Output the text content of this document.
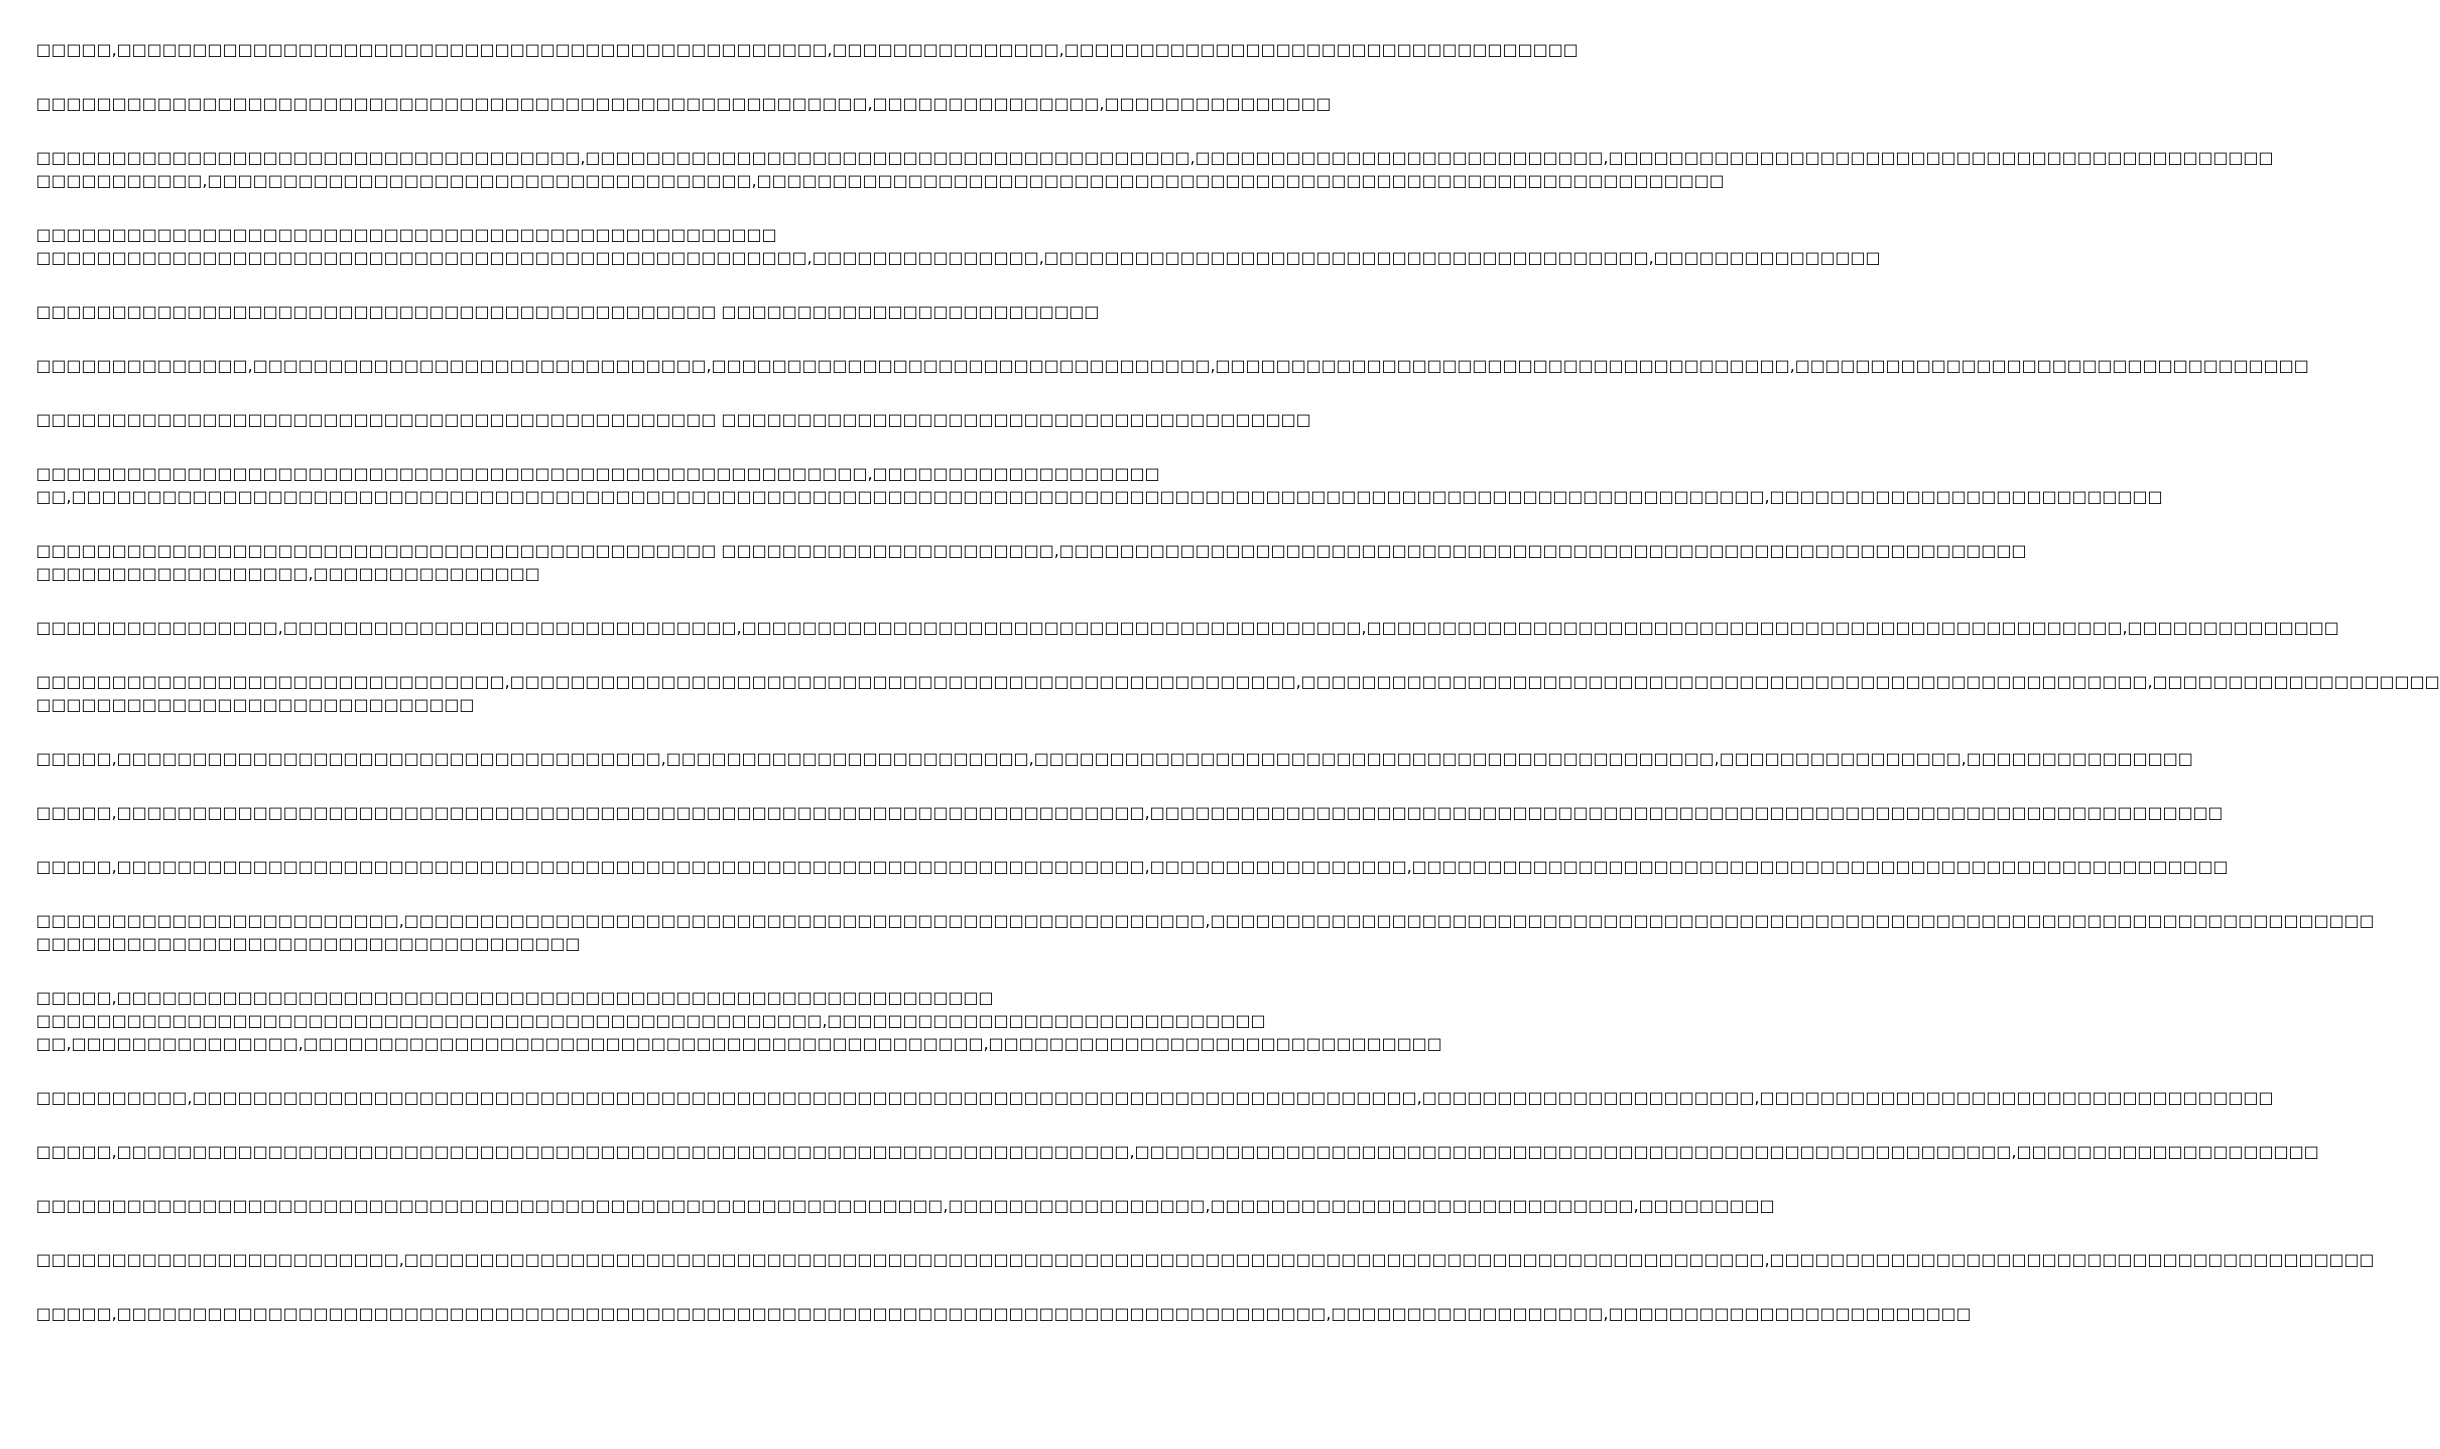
□□□□□,□□□□□□□□□□□□□□□□□□□□□□□□□□□□□□□□□□□□□□□□□□□□□□□,□□□□□□□□□□□□□□□,□□□□□□□□□□□□□□□□□□□□□□□□□□□□□□□□□□

□□□□□□□□□□□□□□□□□□□□□□□□□□□□□□□□□□□□□□□□□□□□□□□□□□□□□□□,□□□□□□□□□□□□□□□,□□□□□□□□□□□□□□□

□□□□□□□□□□□□□□□□□□□□□□□□□□□□□□□□□□□□,□□□□□□□□□□□□□□□□□□□□□□□□□□□□□□□□□□□□□□□□,□□□□□□□□□□□□□□□□□□□□□□□□□□□,□□□□□□□□□□□□□□□□□□□□□□□□□□□□□□□□□□□□□□□□□□□□
□□□□□□□□□□□,□□□□□□□□□□□□□□□□□□□□□□□□□□□□□□□□□□□□,□□□□□□□□□□□□□□□□□□□□□□□□□□□□□□□□□□□□□□□□□□□□□□□□□□□□□□□□□□□□□□□□

□□□□□□□□□□□□□□□□□□□□□□□□□□□□□□□□□□□□□□□□□□□□□□□□□
□□□□□□□□□□□□□□□□□□□□□□□□□□□□□□□□□□□□□□□□□□□□□□□□□□□,□□□□□□□□□□□□□□□,□□□□□□□□□□□□□□□□□□□□□□□□□□□□□□□□□□□□□□□□,□□□□□□□□□□□□□□□

□□□□□□□□□□□□□□□□□□□□□□□□□□□□□□□□□□□□□□□□□□□□□ □□□□□□□□□□□□□□□□□□□□□□□□□

□□□□□□□□□□□□□□,□□□□□□□□□□□□□□□□□□□□□□□□□□□□□□,□□□□□□□□□□□□□□□□□□□□□□□□□□□□□□□□□,□□□□□□□□□□□□□□□□□□□□□□□□□□□□□□□□□□□□□□,□□□□□□□□□□□□□□□□□□□□□□□□□□□□□□□□□□

□□□□□□□□□□□□□□□□□□□□□□□□□□□□□□□□□□□□□□□□□□□□□ □□□□□□□□□□□□□□□□□□□□□□□□□□□□□□□□□□□□□□□

□□□□□□□□□□□□□□□□□□□□□□□□□□□□□□□□□□□□□□□□□□□□□□□□□□□□□□□,□□□□□□□□□□□□□□□□□□□
□□,□□□□□□□□□□□□□□□□□□□□□□□□□□□□□□□□□□□□□□□□□□□□□□□□□□□□□□□□□□□□□□□□□□□□□□□□□□□□□□□□□□□□□□□□□□□□□□□□□□□□□□□□□□□□□□□□,□□□□□□□□□□□□□□□□□□□□□□□□□□

□□□□□□□□□□□□□□□□□□□□□□□□□□□□□□□□□□□□□□□□□□□□□ □□□□□□□□□□□□□□□□□□□□□□,□□□□□□□□□□□□□□□□□□□□□□□□□□□□□□□□□□□□□□□□□□□□□□□□□□□□□□□□□□□□□□□□
□□□□□□□□□□□□□□□□□□,□□□□□□□□□□□□□□□

□□□□□□□□□□□□□□□□,□□□□□□□□□□□□□□□□□□□□□□□□□□□□□□,□□□□□□□□□□□□□□□□□□□□□□□□□□□□□□□□□□□□□□□□□,□□□□□□□□□□□□□□□□□□□□□□□□□□□□□□□□□□□□□□□□□□□□□□□□□□,□□□□□□□□□□□□□□

□□□□□□□□□□□□□□□□□□□□□□□□□□□□□□□,□□□□□□□□□□□□□□□□□□□□□□□□□□□□□□□□□□□□□□□□□□□□□□□□□□□□,□□□□□□□□□□□□□□□□□□□□□□□□□□□□□□□□□□□□□□□□□□□□□□□□□□□□□□□□,□□□□□□□□□□□□□□□□□□□
□□□□□□□□□□□□□□□□□□□□□□□□□□□□□

□□□□□,□□□□□□□□□□□□□□□□□□□□□□□□□□□□□□□□□□□□,□□□□□□□□□□□□□□□□□□□□□□□□,□□□□□□□□□□□□□□□□□□□□□□□□□□□□□□□□□□□□□□□□□□□□□,□□□□□□□□□□□□□□□□,□□□□□□□□□□□□□□□

□□□□□,□□□□□□□□□□□□□□□□□□□□□□□□□□□□□□□□□□□□□□□□□□□□□□□□□□□□□□□□□□□□□□□□□□□□,□□□□□□□□□□□□□□□□□□□□□□□□□□□□□□□□□□□□□□□□□□□□□□□□□□□□□□□□□□□□□□□□□□□□□□□

□□□□□,□□□□□□□□□□□□□□□□□□□□□□□□□□□□□□□□□□□□□□□□□□□□□□□□□□□□□□□□□□□□□□□□□□□□,□□□□□□□□□□□□□□□□□,□□□□□□□□□□□□□□□□□□□□□□□□□□□□□□□□□□□□□□□□□□□□□□□□□□□□□□

□□□□□□□□□□□□□□□□□□□□□□□□,□□□□□□□□□□□□□□□□□□□□□□□□□□□□□□□□□□□□□□□□□□□□□□□□□□□□□,□□□□□□□□□□□□□□□□□□□□□□□□□□□□□□□□□□□□□□□□□□□□□□□□□□□□□□□□□□□□□□□□□□□□□□□□□□□□□
□□□□□□□□□□□□□□□□□□□□□□□□□□□□□□□□□□□□

□□□□□,□□□□□□□□□□□□□□□□□□□□□□□□□□□□□□□□□□□□□□□□□□□□□□□□□□□□□□□□□□
□□□□□□□□□□□□□□□□□□□□□□□□□□□□□□□□□□□□□□□□□□□□□□□□□□□□,□□□□□□□□□□□□□□□□□□□□□□□□□□□□□
□□,□□□□□□□□□□□□□□□,□□□□□□□□□□□□□□□□□□□□□□□□□□□□□□□□□□□□□□□□□□□□□,□□□□□□□□□□□□□□□□□□□□□□□□□□□□□□

□□□□□□□□□□,□□□□□□□□□□□□□□□□□□□□□□□□□□□□□□□□□□□□□□□□□□□□□□□□□□□□□□□□□□□□□□□□□□□□□□□□□□□□□□□□□,□□□□□□□□□□□□□□□□□□□□□□,□□□□□□□□□□□□□□□□□□□□□□□□□□□□□□□□□□

□□□□□,□□□□□□□□□□□□□□□□□□□□□□□□□□□□□□□□□□□□□□□□□□□□□□□□□□□□□□□□□□□□□□□□□□□,□□□□□□□□□□□□□□□□□□□□□□□□□□□□□□□□□□□□□□□□□□□□□□□□□□□□□□□□□□,□□□□□□□□□□□□□□□□□□□□

□□□□□□□□□□□□□□□□□□□□□□□□□□□□□□□□□□□□□□□□□□□□□□□□□□□□□□□□□□□□,□□□□□□□□□□□□□□□□□,□□□□□□□□□□□□□□□□□□□□□□□□□□□□,□□□□□□□□□

□□□□□□□□□□□□□□□□□□□□□□□□,□□□□□□□□□□□□□□□□□□□□□□□□□□□□□□□□□□□□□□□□□□□□□□□□□□□□□□□□□□□□□□□□□□□□□□□□□□□□□□□□□□□□□□□□□□,□□□□□□□□□□□□□□□□□□□□□□□□□□□□□□□□□□□□□□□□

□□□□□,□□□□□□□□□□□□□□□□□□□□□□□□□□□□□□□□□□□□□□□□□□□□□□□□□□□□□□□□□□□□□□□□□□□□□□□□□□□□□□□□,□□□□□□□□□□□□□□□□□□,□□□□□□□□□□□□□□□□□□□□□□□□
